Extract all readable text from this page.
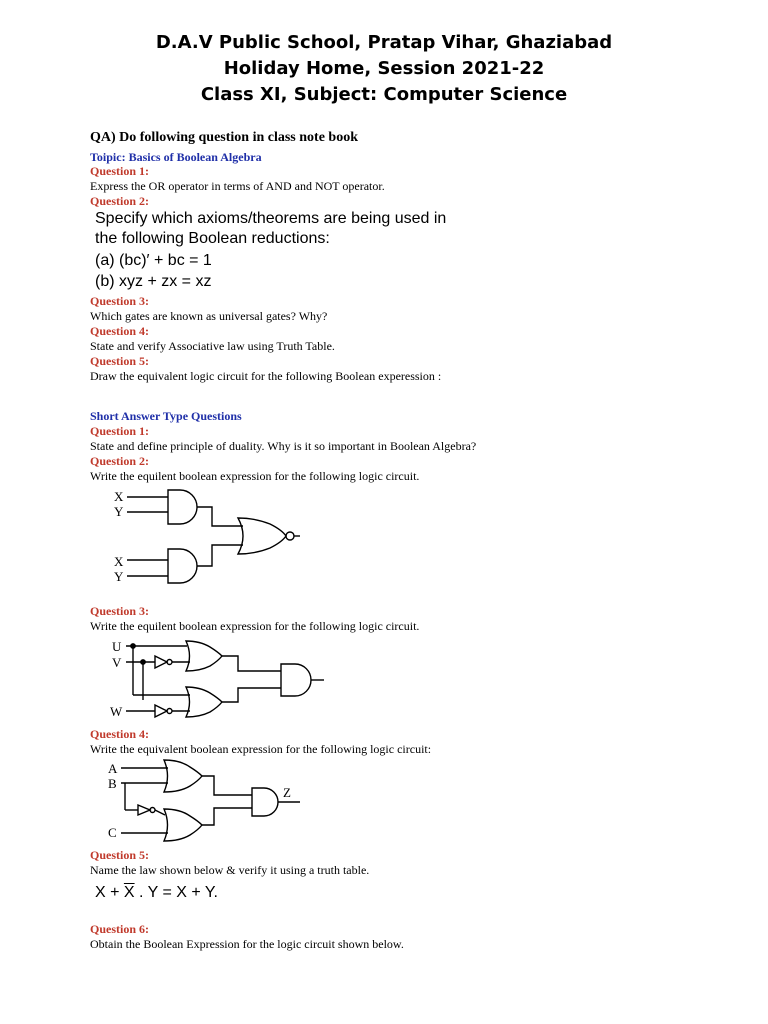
D.A.V Public School, Pratap Vihar, Ghaziabad
Holiday Home, Session 2021-22
Class XI, Subject: Computer Science
QA) Do following question in class note book
Toipic: Basics of Boolean Algebra
Question 1:
Express the OR operator in terms of AND and NOT operator.
Question 2:
Specify which axioms/theorems are being used in
the following Boolean reductions:
(a) (bc)′ + bc = 1
(b) xyz + zx = xz
Question 3:
Which gates are known as universal gates? Why?
Question 4:
State and verify Associative law using Truth Table.
Question 5:
Draw the equivalent logic circuit for the following Boolean experession :
Short Answer Type Questions
Question 1:
State and define principle of duality. Why is it so important in Boolean Algebra?
Question 2:
Write the equilent boolean expression for the following logic circuit.
X
Y
X
Y
Question 3:
Write the equilent boolean expression for the following logic circuit.
U
V
W
Question 4:
Write the equivalent boolean expression for the following logic circuit:
A
B
C
Z
Question 5:
Name the law shown below & verify it using a truth table.
$X + \overline{X}$ . Y = X + Y.
Question 6:
Obtain the Boolean Expression for the logic circuit shown below.
